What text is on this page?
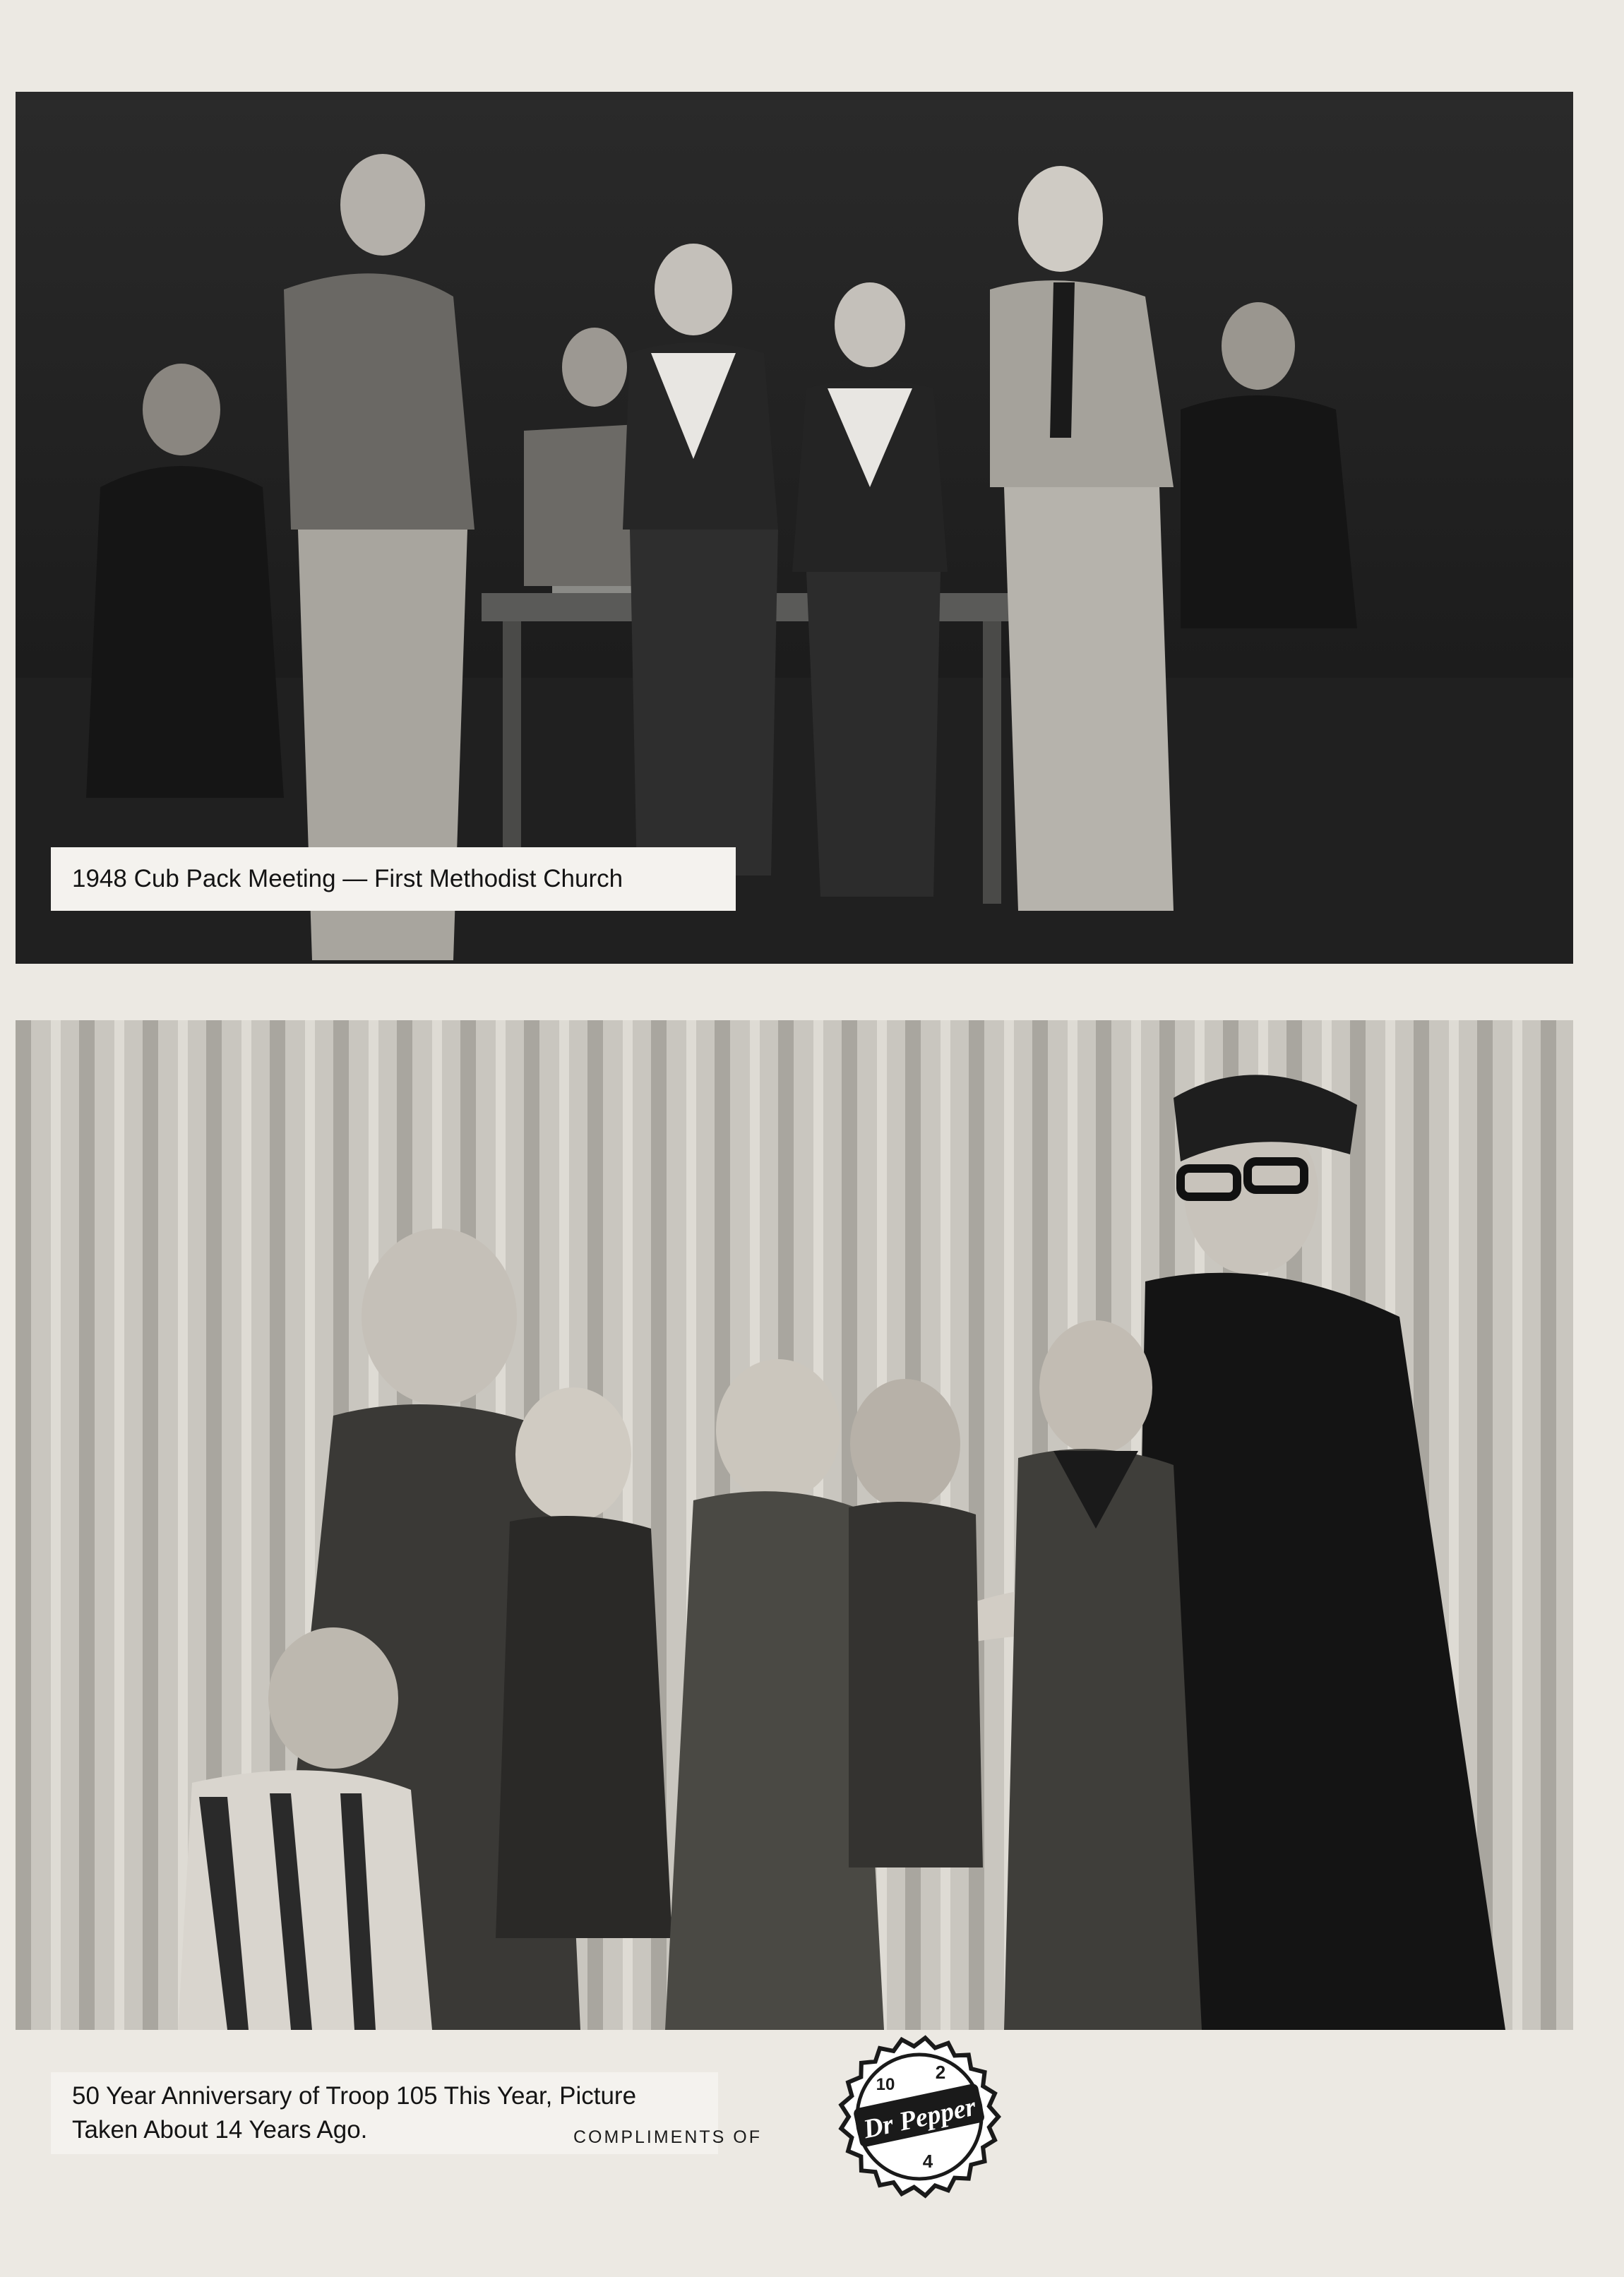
1948 Cub Pack Meeting — First Methodist Church
50 Year Anniversary of Troop 105 This Year, Picture
Taken About 14 Years Ago.	COMPLIMENTS OF	Dr Pepper
10
2
4
